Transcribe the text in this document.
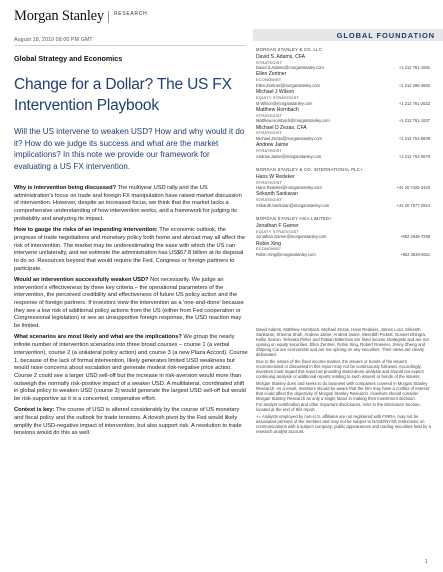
Morgan Stanley RESEARCH
August 18, 2019 08:00 PM GMT	GLOBAL FOUNDATION
Global Strategy and Economics
Change for a Dollar? The US FX Intervention Playbook
Will the US intervene to weaken USD? How and why would it do it? How do we judge its success and what are the market implications? In this note we provide our framework for evaluating a US FX intervention.

Why is intervention being discussed? The multiyear USD rally and the US administration's focus on trade and foreign FX manipulation have raised market discussion of intervention. However, despite an increased focus, we think that the market lacks a comprehensive understanding of how intervention works, and a framework for judging its probability and analyzing its impact.

How to gauge the risks of an impending intervention: The economic outlook, the progress of trade negotiations and monetary policy both home and abroad may all affect the risk of intervention. The market may be underestimating the ease with which the US can intervene unilaterally, and we estimate the administration has US$67.8 billion at its disposal to do so. Resources beyond that would require the Fed, Congress or foreign partners to participate.

Would an intervention successfully weaken USD? Not necessarily. We judge an intervention's effectiveness by three key criteria – the operational parameters of the intervention, the perceived credibility and effectiveness of future US policy action and the response of foreign partners. If investors view the intervention as a 'one-and-done' because they see a low risk of additional policy actions from the US (either from Fed cooperation or Congressional legislation) or see an unsupportive foreign response, the USD reaction may be limited.

What scenarios are most likely and what are the implications? We group the nearly infinite number of intervention scenarios into three broad courses – course 1 (a verbal intervention), course 2 (a unilateral policy action) and course 3 (a new Plaza Accord). Course 1, because of the lack of formal intervention, likely generates limited USD weakness but would raise concerns about escalation and generate modest risk-negative price action. Course 2 could see a larger USD sell-off but the increase in risk-aversion would more than outweigh the normally risk-positive impact of a weaker USD. A multilateral, coordinated shift in global policy to weaken USD (course 3) would generate the largest USD sell-off but would be risk-supportive as it is a concerted, cooperative effort.

Context is key: The course of USD is altered considerably by the course of US monetary and fiscal policy and the outlook for trade tensions. A dovish pivot by the Fed would likely amplify the USD-negative impact of intervention, but also support risk. A resolution to trade tensions would do this as well.

MORGAN STANLEY & CO. LLC
David S. Adams, CFA
STRATEGIST
David.S.Adams@morganstanley.com	+1 212 761-1681
Ellen Zentner
ECONOMIST
Ellen.Zentner@morganstanley.com	+1 212 296-4882
Michael J Wilson
EQUITY STRATEGIST
M.Wilson@morganstanley.com	+1 212 761-2532
Matthew Hornbach
STRATEGIST
Matthew.Hornbach@morganstanley.com	+1 212 761-1837
Michael D Zezas, CFA
STRATEGIST
Michael.Zezas@morganstanley.com	+1 212 761-8609
Andrew Jaime
STRATEGIST
Andrew.Jaime@morganstanley.com	+1 212 761-6670
MORGAN STANLEY & CO. INTERNATIONAL PLC+
Hans W Redeker
STRATEGIST
Hans.Redeker@morganstanley.com	+44 20 7425-2430
Srikanth Sankaran
STRATEGIST
Srikanth.Sankaran@morganstanley.com	+44 20 7677-2944
MORGAN STANLEY ASIA LIMITED+
Jonathan F Garner
EQUITY STRATEGIST
Jonathan.Garner@morganstanley.com	+852 2848-7288
Robin Xing
ECONOMIST
Robin.Xing@morganstanley.com	+852 2848-6511

David Adams, Matthew Hornbach, Michael Zezas, Hans Redeker, James Lord, Srikanth Sankaran, Sheena Shah, Andrew Jaime, Andrea Jaime, Meredith Pickett, Guneet Dhingra, Kellie Selcon, Yehvaka Pelter and Fabian Bitterman are fixed income strategists and are not opining on equity securities. Ellen Zentner, Robin Xing, Robert Rosener, Jenny Zheng and Zhipeng Cai are economists and are not opining on any securities. Their views are clearly delineated.

Due to the nature of the fixed income market, the issuers or bonds of the issuers recommended or discussed in this report may not be continuously followed. Accordingly, investors must regard this report as providing stand-alone analysis and should not expect continuing analysis or additional reports relating to such issuers or bonds of the issuers.

Morgan Stanley does and seeks to do business with companies covered in Morgan Stanley Research. As a result, investors should be aware that the firm may have a conflict of interest that could affect the objectivity of Morgan Stanley Research. Investors should consider Morgan Stanley Research as only a single factor in making their investment decision.

For analyst certification and other important disclosures, refer to the Disclosure Section, located at the end of this report.

+= Analysts employed by non-U.S. affiliates are not registered with FINRA, may not be associated persons of the member and may not be subject to NASD/NYSE restrictions on communications with a subject company, public appearances and trading securities held by a research analyst account.

1
